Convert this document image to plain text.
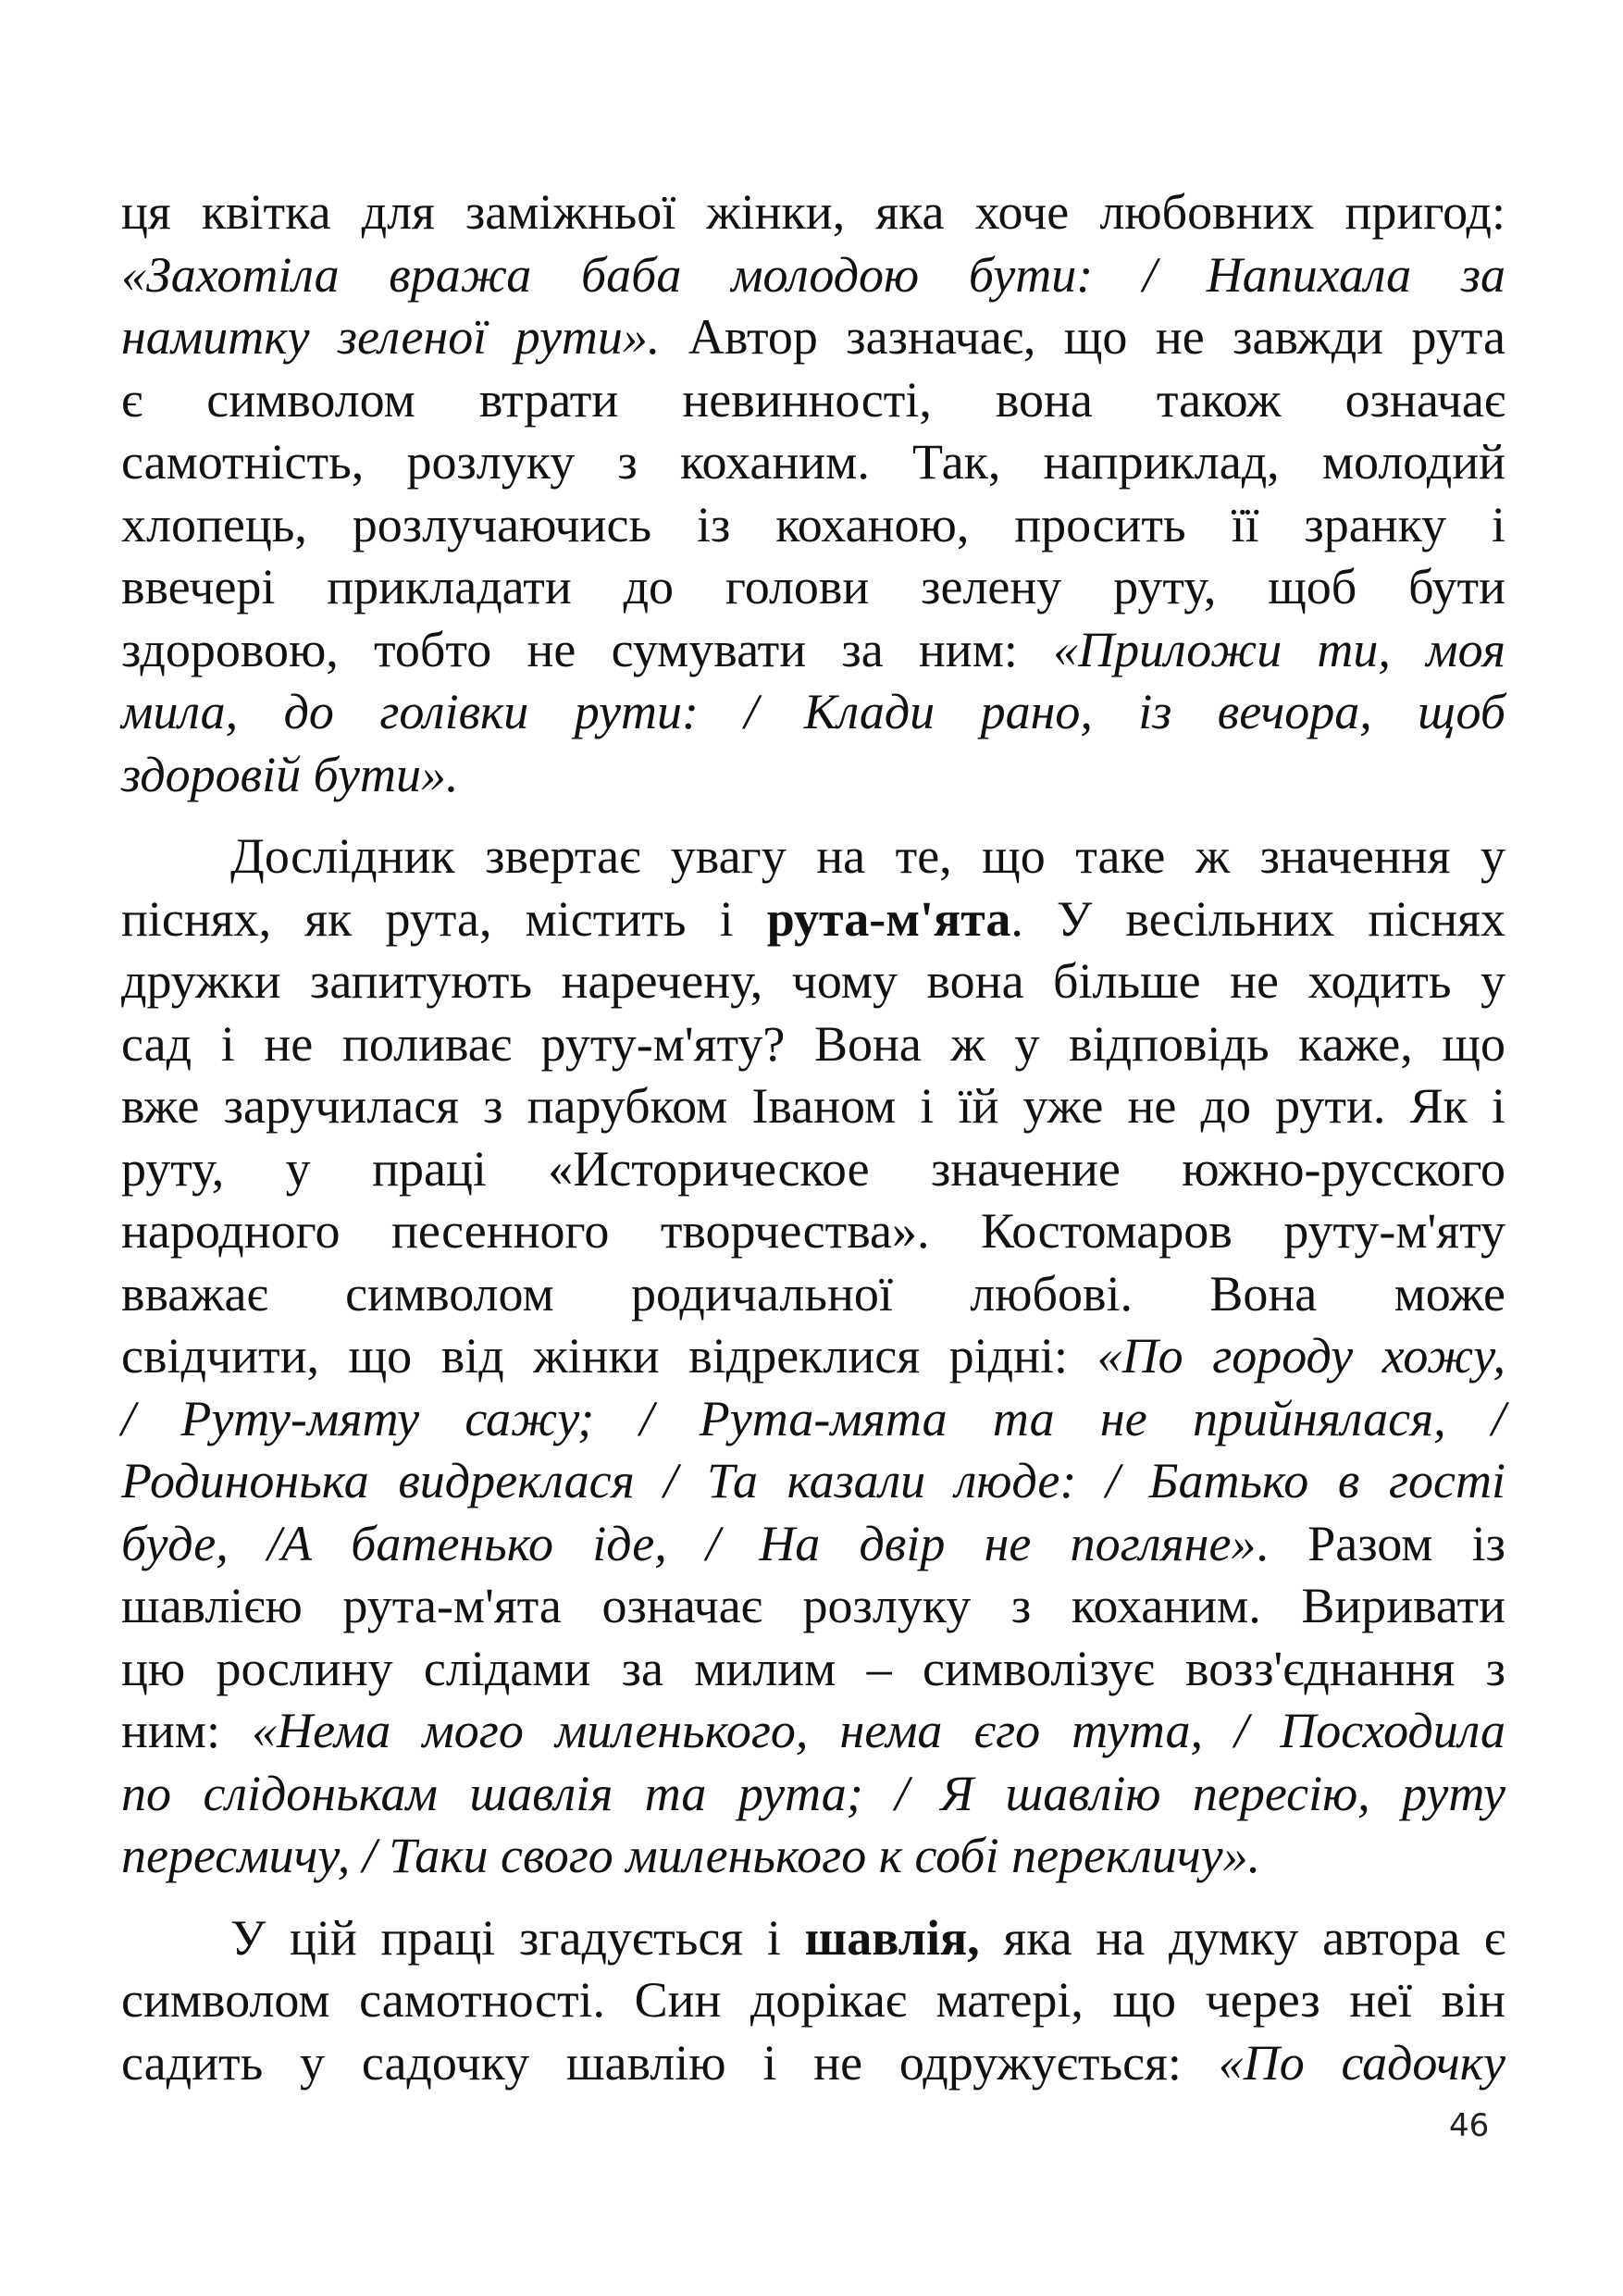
ця квітка для заміжньої жінки, яка хоче любовних пригод:
«Захотіла вража баба молодою бути: / Напихала за
намитку зеленої рути». Автор зазначає, що не завжди рута
є символом втрати невинності, вона також означає
самотність, розлуку з коханим. Так, наприклад, молодий
хлопець, розлучаючись із коханою, просить її зранку і
ввечері прикладати до голови зелену руту, щоб бути
здоровою, тобто не сумувати за ним: «Приложи ти, моя
мила, до голівки рути: / Клади рано, із вечора, щоб
здоровій бути».
Дослідник звертає увагу на те, що таке ж значення у
піснях, як рута, містить і рута-м'ята. У весільних піснях
дружки запитують наречену, чому вона більше не ходить у
сад і не поливає руту-м'яту? Вона ж у відповідь каже, що
вже заручилася з парубком Іваном і їй уже не до рути. Як і
руту, у праці «Историческое значение южно-русского
народного песенного творчества». Костомаров руту-м'яту
вважає символом родичальної любові. Вона може
свідчити, що від жінки відреклися рідні: «По городу хожу,
/ Руту-мяту сажу; / Рута-мята та не прийнялася, /
Родинонька видреклася / Та казали люде: / Батько в гості
буде, /А батенько іде, / На двір не погляне». Разом із
шавлією рута-м'ята означає розлуку з коханим. Виривати
цю рослину слідами за милим – символізує возз'єднання з
ним: «Нема мого миленького, нема єго тута, / Посходила
по слідонькам шавлія та рута; / Я шавлію пересію, руту
пересмичу, / Таки свого миленького к собі перекличу».
У цій праці згадується і шавлія, яка на думку автора є
символом самотності. Син дорікає матері, що через неї він
садить у садочку шавлію і не одружується: «По садочку
46
